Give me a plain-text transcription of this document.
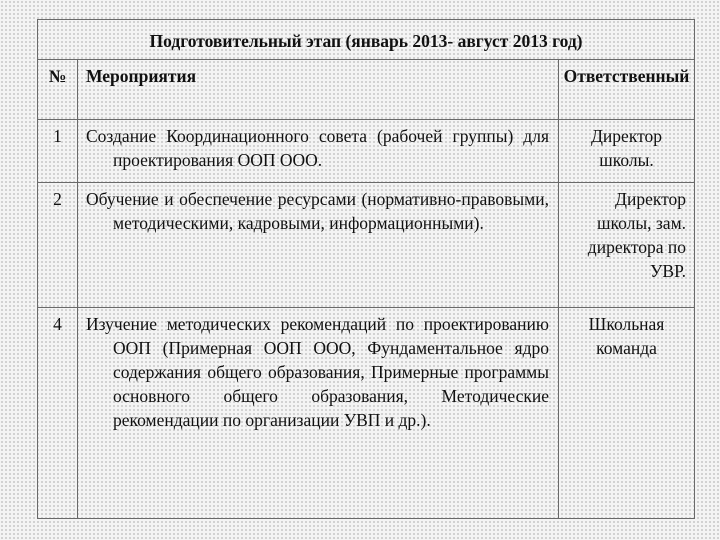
Подготовительный этап (январь 2013- август 2013 год)		
№	Мероприятия	Ответственный
1	Создание Координационного совета (рабочей группы) для проектирования ООП ООО.	Директор школы.
2	Обучение и обеспечение ресурсами (нормативно-правовыми, методическими, кадровыми, информационными).	Директор школы, зам. директора по УВР.
4	Изучение методических рекомендаций по проектированию ООП (Примерная ООП ООО, Фундаментальное ядро содержания общего образования, Примерные программы основного общего образования, Методические рекомендации по организации УВП и др.).	Школьная команда
